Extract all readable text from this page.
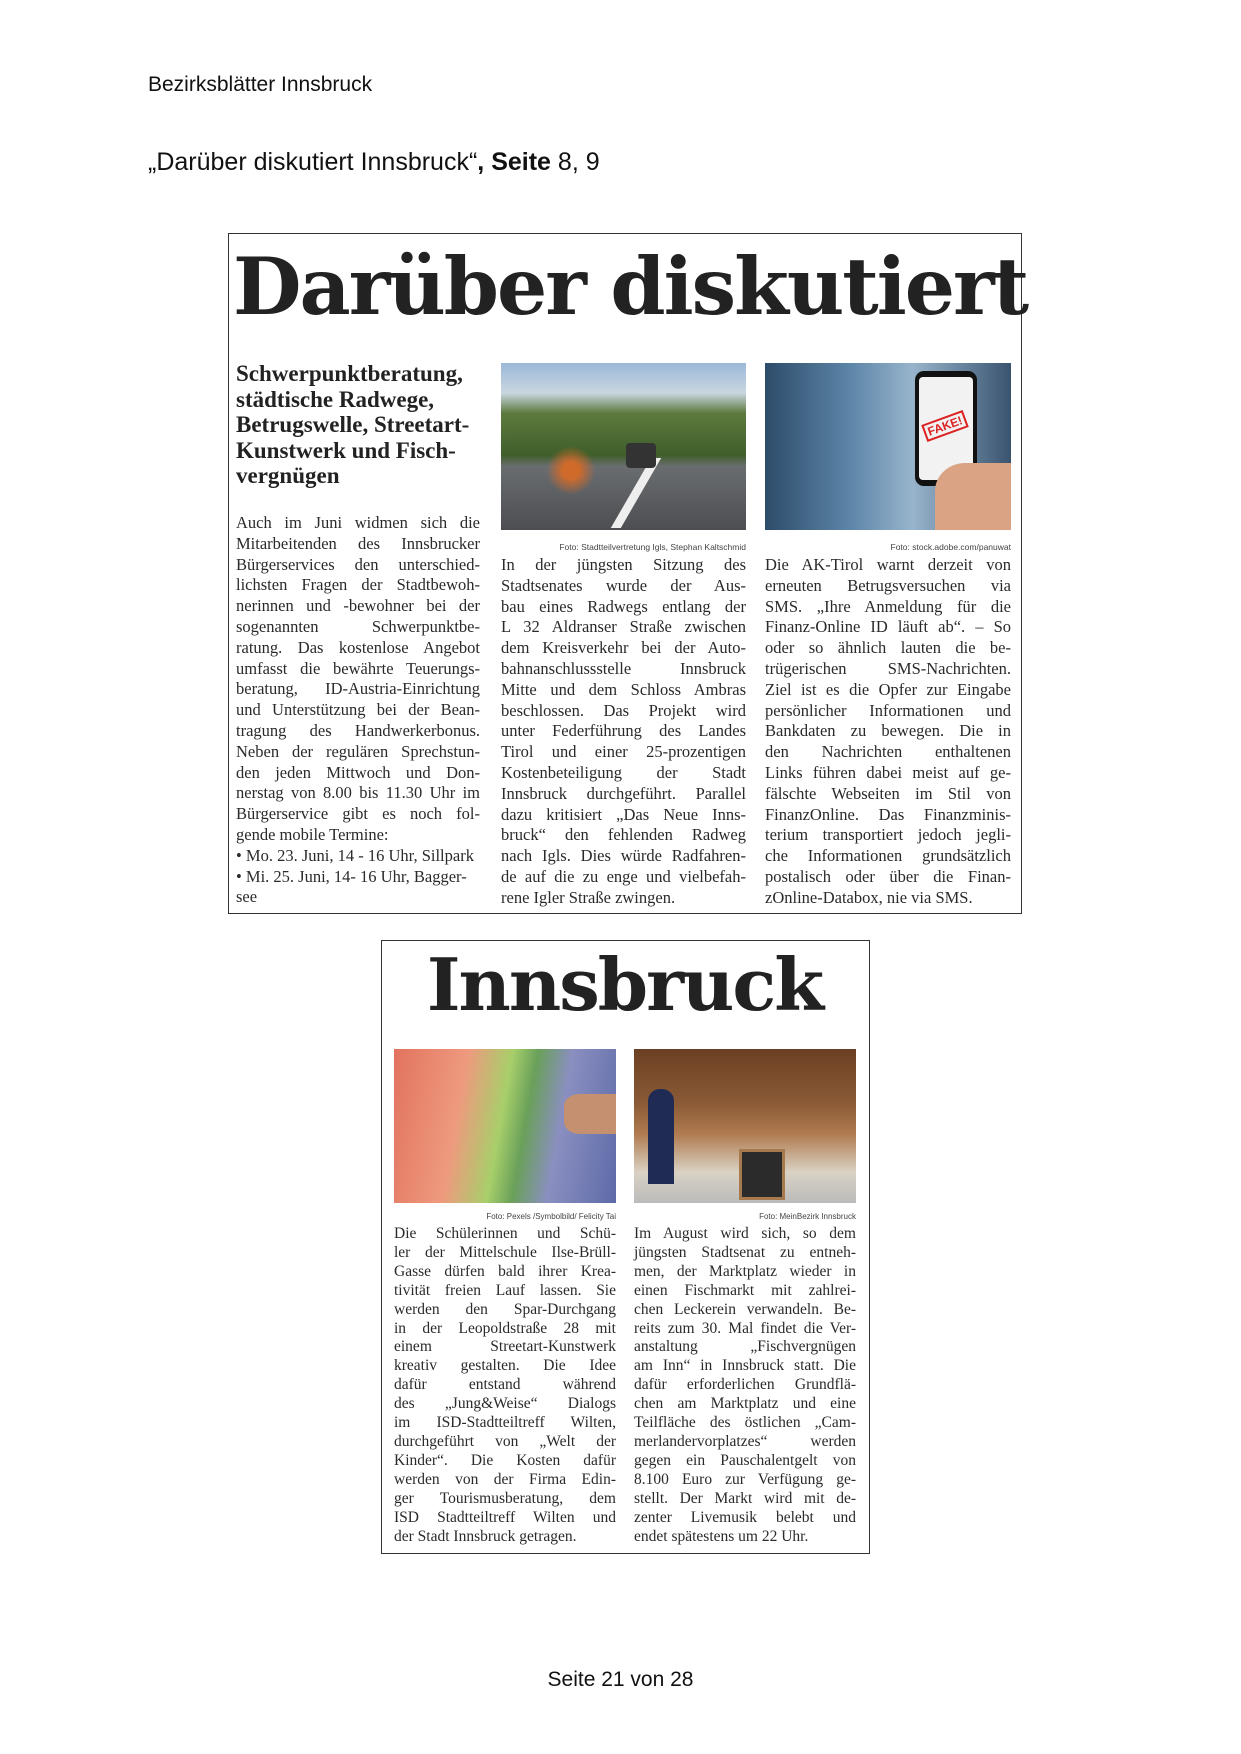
Bezirksblätter Innsbruck
„Darüber diskutiert Innsbruck“, Seite 8, 9
Darüber diskutiert
Schwerpunktberatung,
städtische Radwege,
Betrugswelle, Streetart-
Kunstwerk und Fisch-
vergnügen
Auch im Juni widmen sich die
Mitarbeitenden des Innsbrucker
Bürgerservices den unterschied-
lichsten Fragen der Stadtbewoh-
nerinnen und -bewohner bei der
sogenannten Schwerpunktbe-
ratung. Das kostenlose Angebot
umfasst die bewährte Teuerungs-
beratung, ID-Austria-Einrichtung
und Unterstützung bei der Bean-
tragung des Handwerkerbonus.
Neben der regulären Sprechstun-
den jeden Mittwoch und Don-
nerstag von 8.00 bis 11.30 Uhr im
Bürgerservice gibt es noch fol-
gende mobile Termine:
• Mo. 23. Juni, 14 - 16 Uhr, Sillpark
• Mi. 25. Juni, 14- 16 Uhr, Bagger-
see
Foto: Stadtteilvertretung Igls, Stephan Kaltschmid
In der jüngsten Sitzung des
Stadtsenates wurde der Aus-
bau eines Radwegs entlang der
L 32 Aldranser Straße zwischen
dem Kreisverkehr bei der Auto-
bahnanschlussstelle Innsbruck
Mitte und dem Schloss Ambras
beschlossen. Das Projekt wird
unter Federführung des Landes
Tirol und einer 25-prozentigen
Kostenbeteiligung der Stadt
Innsbruck durchgeführt. Parallel
dazu kritisiert „Das Neue Inns-
bruck“ den fehlenden Radweg
nach Igls. Dies würde Radfahren-
de auf die zu enge und vielbefah-
rene Igler Straße zwingen.
FAKE!
Foto: stock.adobe.com/panuwat
Die AK-Tirol warnt derzeit von
erneuten Betrugsversuchen via
SMS. „Ihre Anmeldung für die
Finanz-Online ID läuft ab“. – So
oder so ähnlich lauten die be-
trügerischen SMS-Nachrichten.
Ziel ist es die Opfer zur Eingabe
persönlicher Informationen und
Bankdaten zu bewegen. Die in
den Nachrichten enthaltenen
Links führen dabei meist auf ge-
fälschte Webseiten im Stil von
FinanzOnline. Das Finanzminis-
terium transportiert jedoch jegli-
che Informationen grundsätzlich
postalisch oder über die Finan-
zOnline-Databox, nie via SMS.
Innsbruck
Foto: Pexels /Symbolbild/ Felicity Tai
Die Schülerinnen und Schü-
ler der Mittelschule Ilse-Brüll-
Gasse dürfen bald ihrer Krea-
tivität freien Lauf lassen. Sie
werden den Spar-Durchgang
in der Leopoldstraße 28 mit
einem Streetart-Kunstwerk
kreativ gestalten. Die Idee
dafür entstand während
des „Jung&Weise“ Dialogs
im ISD-Stadtteiltreff Wilten,
durchgeführt von „Welt der
Kinder“. Die Kosten dafür
werden von der Firma Edin-
ger Tourismusberatung, dem
ISD Stadtteiltreff Wilten und
der Stadt Innsbruck getragen.
Foto: MeinBezirk Innsbruck
Im August wird sich, so dem
jüngsten Stadtsenat zu entneh-
men, der Marktplatz wieder in
einen Fischmarkt mit zahlrei-
chen Leckerein verwandeln. Be-
reits zum 30. Mal findet die Ver-
anstaltung „Fischvergnügen
am Inn“ in Innsbruck statt. Die
dafür erforderlichen Grundflä-
chen am Marktplatz und eine
Teilfläche des östlichen „Cam-
merlandervorplatzes“ werden
gegen ein Pauschalentgelt von
8.100 Euro zur Verfügung ge-
stellt. Der Markt wird mit de-
zenter Livemusik belebt und
endet spätestens um 22 Uhr.
Seite 21 von 28
